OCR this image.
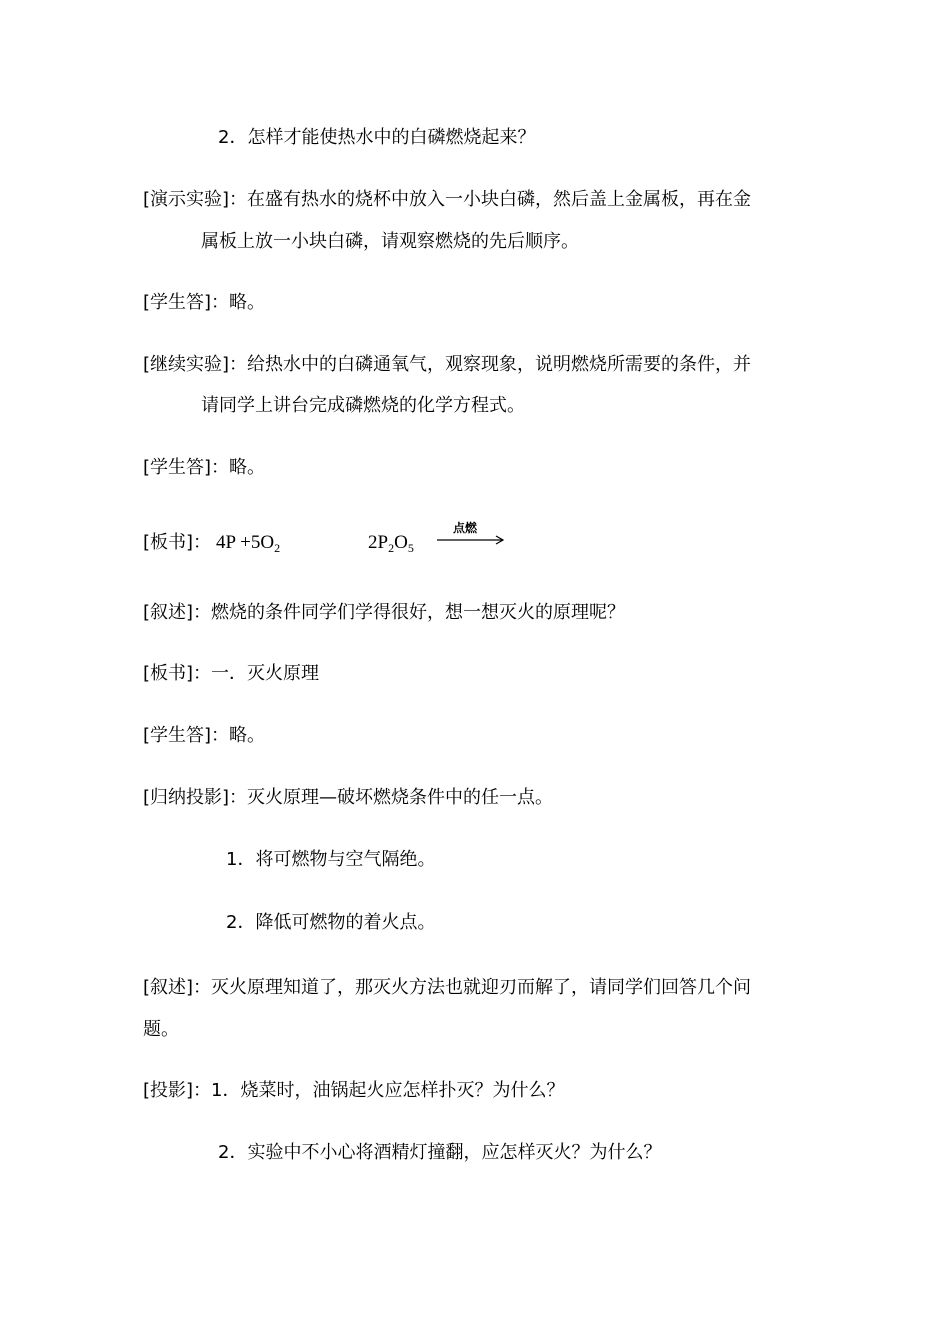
2．怎样才能使热水中的白磷燃烧起来？
[演示实验]：在盛有热水的烧杯中放入一小块白磷，然后盖上金属板，再在金
属板上放一小块白磷，请观察燃烧的先后顺序。
[学生答]：略。
[继续实验]：给热水中的白磷通氧气，观察现象，说明燃烧所需要的条件，并
请同学上讲台完成磷燃烧的化学方程式。
[学生答]：略。
[板书]： $4P +5O_2$
点燃
$2P_2O_5$
[叙述]：燃烧的条件同学们学得很好，想一想灭火的原理呢？
[板书]：一．灭火原理
[学生答]：略。
[归纳投影]：灭火原理—破坏燃烧条件中的任一点。
1．将可燃物与空气隔绝。
2．降低可燃物的着火点。
[叙述]：灭火原理知道了，那灭火方法也就迎刃而解了，请同学们回答几个问
题。
[投影]：1．烧菜时，油锅起火应怎样扑灭？为什么？
2．实验中不小心将酒精灯撞翻，应怎样灭火？为什么？
